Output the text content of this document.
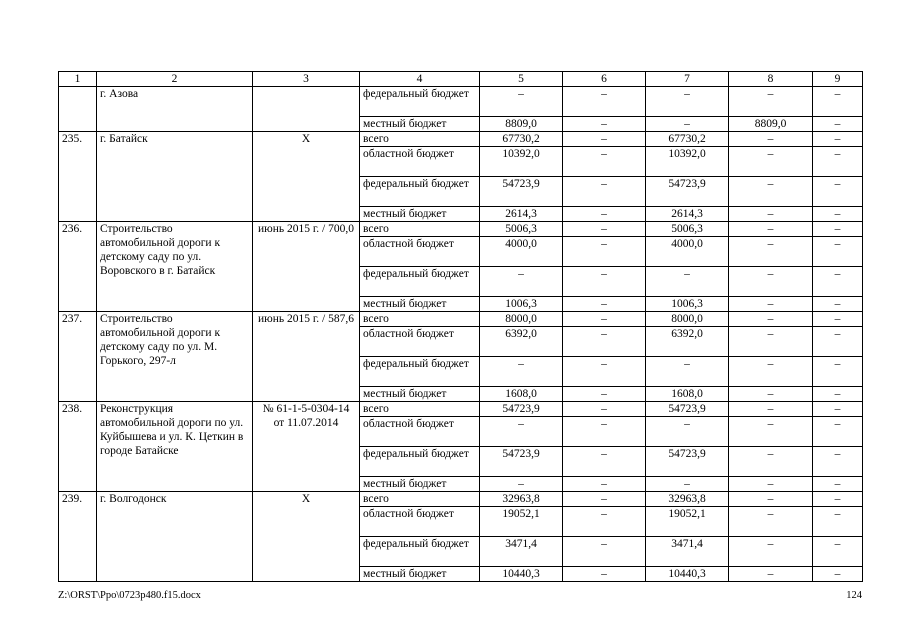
1	2	3	4	5	6	7	8	9
	г. Азова		федеральный бюджет	–	–	–	–	–
			местный бюджет	8809,0	–	–	8809,0	–
235.	г. Батайск	Х	всего	67730,2	–	67730,2	–	–
			областной бюджет	10392,0	–	10392,0	–	–
			федеральный бюджет	54723,9	–	54723,9	–	–
			местный бюджет	2614,3	–	2614,3	–	–
236.	Строительство автомобильной дороги к детскому саду по ул. Воровского в г. Батайск	июнь 2015 г. / 700,0	всего	5006,3	–	5006,3	–	–
			областной бюджет	4000,0	–	4000,0	–	–
			федеральный бюджет	–	–	–	–	–
			местный бюджет	1006,3	–	1006,3	–	–
237.	Строительство автомобильной дороги к детскому саду по ул. М. Горького, 297-л	июнь 2015 г. / 587,6	всего	8000,0	–	8000,0	–	–
			областной бюджет	6392,0	–	6392,0	–	–
			федеральный бюджет	–	–	–	–	–
			местный бюджет	1608,0	–	1608,0	–	–
238.	Реконструкция автомобильной дороги по ул. Куйбышева и ул. К. Цеткин в городе Батайске	№ 61-1-5-0304-14 от 11.07.2014	всего	54723,9	–	54723,9	–	–
			областной бюджет	–	–	–	–	–
			федеральный бюджет	54723,9	–	54723,9	–	–
			местный бюджет	–	–	–	–	–
239.	г. Волгодонск	Х	всего	32963,8	–	32963,8	–	–
			областной бюджет	19052,1	–	19052,1	–	–
			федеральный бюджет	3471,4	–	3471,4	–	–
			местный бюджет	10440,3	–	10440,3	–	–
Z:\ORST\Ppo\0723p480.f15.docx	124
